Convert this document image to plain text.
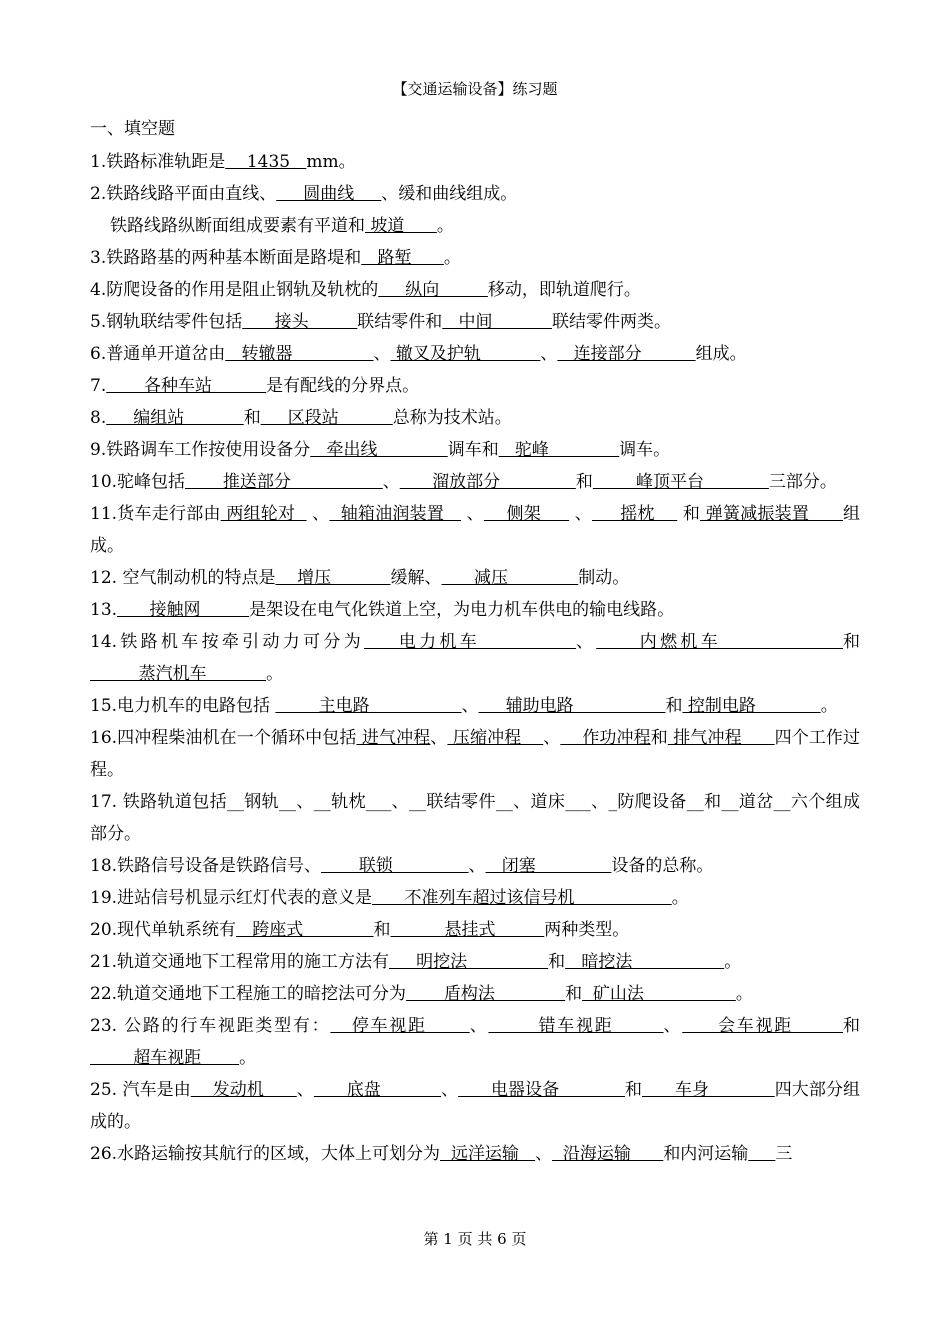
【交通运输设备】练习题
一、填空题
1.铁路标准轨距是    1435   mm。
2.铁路线路平面由直线、     圆曲线     、缓和曲线组成。
铁路线路纵断面组成要素有平道和 坡道      。
3.铁路路基的两种基本断面是路堤和   路堑      。
4.防爬设备的作用是阻止钢轨及轨枕的     纵向         移动，即轨道爬行。
5.钢轨联结零件包括      接头         联结零件和   中间           联结零件两类。
6.普通单开道岔由   转辙器               、 辙叉及护轨           、   连接部分          组成。
7.       各种车站          是有配线的分界点。
8.     编组站           和     区段站          总称为技术站。
9.铁路调车工作按使用设备分   牵出线             调车和   驼峰             调车。
10.驼峰包括       推送部分                 、      溜放部分              和        峰顶平台            三部分。
11.货车走行部由 两组轮对   、  轴箱油润装置    、    侧架      、     摇枕     和 弹簧减振装置      组成。
12. 空气制动机的特点是    增压           缓解、      减压             制动。
13.      接触网         是架设在电气化铁道上空，为电力机车供电的输电线路。
14.铁路机车按牵引动力可分为    电力机车           、     内燃机车              和         蒸汽机车           。
15.电力机车的电路包括         主电路                 、     辅助电路                 和 控制电路            。
16.四冲程柴油机在一个循环中包括 进气冲程、 压缩冲程    、    作功冲程和 排气冲程      四个工作过程。
17. 铁路轨道包括__钢轨__、__轨枕___、__联结零件__、道床___、_防爬设备__和__道岔__六个组成部分。
18.铁路信号设备是铁路信号、       联锁              、   闭塞              设备的总称。
19.进站信号机显示红灯代表的意义是      不准列车超过该信号机                  。
20.现代单轨系统有   跨座式             和          悬挂式         两种类型。
21.轨道交通地下工程常用的施工方法有     明挖法               和   暗挖法                 。
22.轨道交通地下工程施工的暗挖法可分为       盾构法             和  矿山法                 。
23. 公路的行车视距类型有：   停车视距      、       错车视距       、     会车视距       和        超车视距       。
25. 汽车是由    发动机      、      底盘           、      电器设备            和      车身            四大部分组成的。
26.水路运输按其航行的区域，大体上可划分为  远洋运输   、  沿海运输      和内河运输 三
第 1 页 共 6 页
